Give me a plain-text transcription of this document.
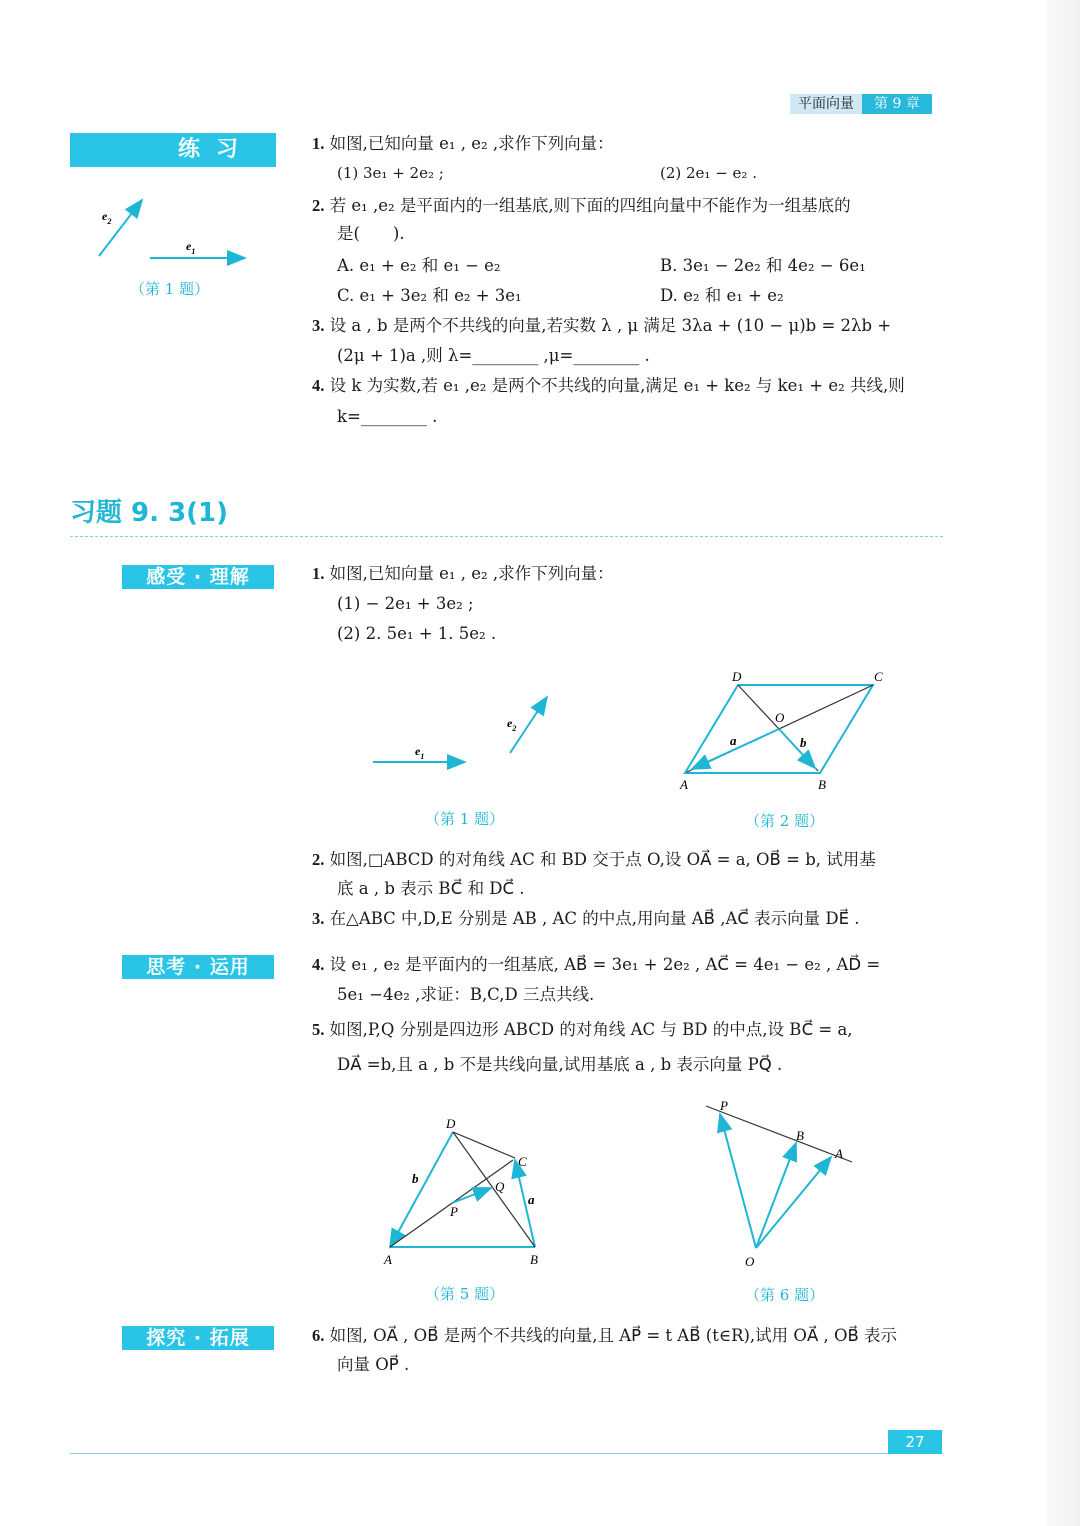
平面向量	第 9 章
练习
$e_2$
$e_1$
（第 1 题）
1. 如图,已知向量 e₁ , e₂ ,求作下列向量：
(1) 3e₁ + 2e₂ ;	(2) 2e₁ − e₂ .
2. 若 e₁ ,e₂ 是平面内的一组基底,则下面的四组向量中不能作为一组基底的
是(　　).
A. e₁ + e₂ 和 e₁ − e₂	B. 3e₁ − 2e₂ 和 4e₂ − 6e₁
C. e₁ + 3e₂ 和 e₂ + 3e₁	D. e₂ 和 e₁ + e₂
3. 设 a , b 是两个不共线的向量,若实数 λ , μ 满足 3λa + (10 − μ)b = 2λb +
(2μ + 1)a ,则 λ=________ ,μ=________ .
4. 设 k 为实数,若 e₁ ,e₂ 是两个不共线的向量,满足 e₁ + ke₂ 与 ke₁ + e₂ 共线,则
k=________ .
习题 9. 3(1)
感受 · 理解	1. 如图,已知向量 e₁ , e₂ ,求作下列向量：
(1) − 2e₁ + 3e₂ ;
(2) 2. 5e₁ + 1. 5e₂ .
$e_2$
$e_1$
（第 1 题）
D	C
O
A	B
a	b
（第 2 题）
2. 如图,□ABCD 的对角线 AC 和 BD 交于点 O,设 OA⃗ = a, OB⃗ = b, 试用基
底 a , b 表示 BC⃗ 和 DC⃗ .
3. 在△ABC 中,D,E 分别是 AB , AC 的中点,用向量 AB⃗ ,AC⃗ 表示向量 DE⃗ .
思考 · 运用	4. 设 e₁ , e₂ 是平面内的一组基底, AB⃗ = 3e₁ + 2e₂ , AC⃗ = 4e₁ − e₂ , AD⃗ =
5e₁ −4e₂ ,求证：B,C,D 三点共线.
5. 如图,P,Q 分别是四边形 ABCD 的对角线 AC 与 BD 的中点,设 BC⃗ = a,
DA⃗ =b,且 a , b 不是共线向量,试用基底 a , b 表示向量 PQ⃗ .
D
C
Q
P
A	B
b
a
（第 5 题）
P
B
A
O
（第 6 题）
探究 · 拓展	6. 如图, OA⃗ , OB⃗ 是两个不共线的向量,且 AP⃗ = t AB⃗ (t∈R),试用 OA⃗ , OB⃗ 表示
向量 OP⃗ .
27
